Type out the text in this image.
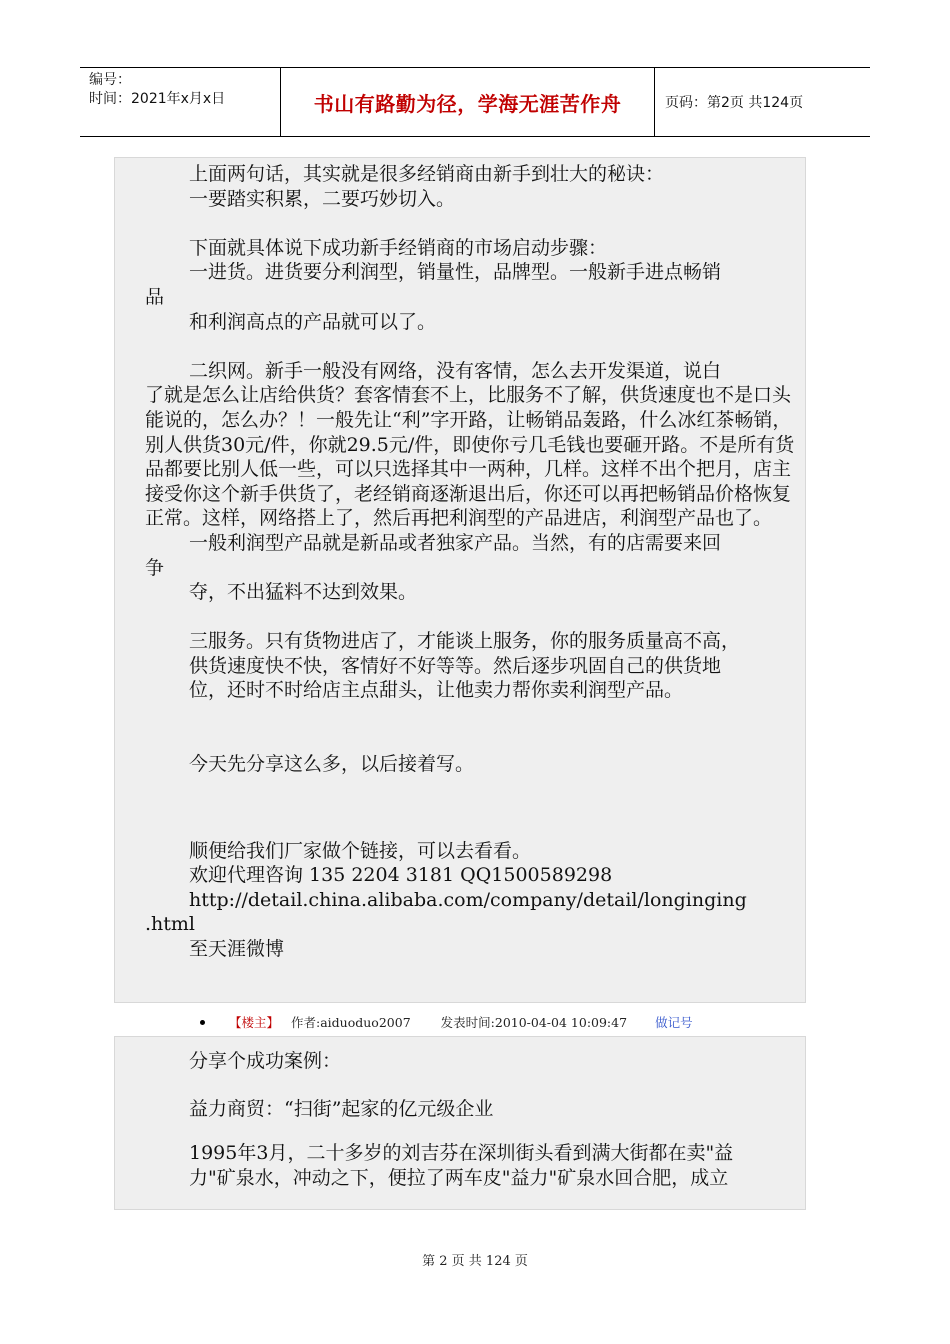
编号：
时间：2021年x月x日	书山有路勤为径，学海无涯苦作舟	页码：第2页 共124页
上面两句话，其实就是很多经销商由新手到壮大的秘诀：
一要踏实积累，二要巧妙切入。
下面就具体说下成功新手经销商的市场启动步骤：
一进货。进货要分利润型，销量性，品牌型。一般新手进点畅销
品
和利润高点的产品就可以了。
二织网。新手一般没有网络，没有客情，怎么去开发渠道，说白
了就是怎么让店给供货？套客情套不上，比服务不了解，供货速度也不是口头能说的，怎么办？！一般先让“利”字开路，让畅销品轰路，什么冰红茶畅销，别人供货30元/件，你就29.5元/件，即使你亏几毛钱也要砸开路。不是所有货品都要比别人低一些，可以只选择其中一两种，几样。这样不出个把月，店主接受你这个新手供货了，老经销商逐渐退出后，你还可以再把畅销品价格恢复正常。这样，网络搭上了，然后再把利润型的产品进店，利润型产品也了。
一般利润型产品就是新品或者独家产品。当然，有的店需要来回
争
夺，不出猛料不达到效果。
三服务。只有货物进店了，才能谈上服务，你的服务质量高不高，
供货速度快不快，客情好不好等等。然后逐步巩固自己的供货地
位，还时不时给店主点甜头，让他卖力帮你卖利润型产品。
今天先分享这么多，以后接着写。
顺便给我们厂家做个链接，可以去看看。
欢迎代理咨询 135 2204 3181 QQ1500589298
http://detail.china.alibaba.com/company/detail/longinging
.html
至天涯微博
【楼主】 作者:aiduoduo2007 发表时间:2010-04-04 10:09:47 做记号
分享个成功案例：
益力商贸：“扫街”起家的亿元级企业
1995年3月，二十多岁的刘吉芬在深圳街头看到满大街都在卖"益
力"矿泉水，冲动之下，便拉了两车皮"益力"矿泉水回合肥，成立
第 2 页 共 124 页
